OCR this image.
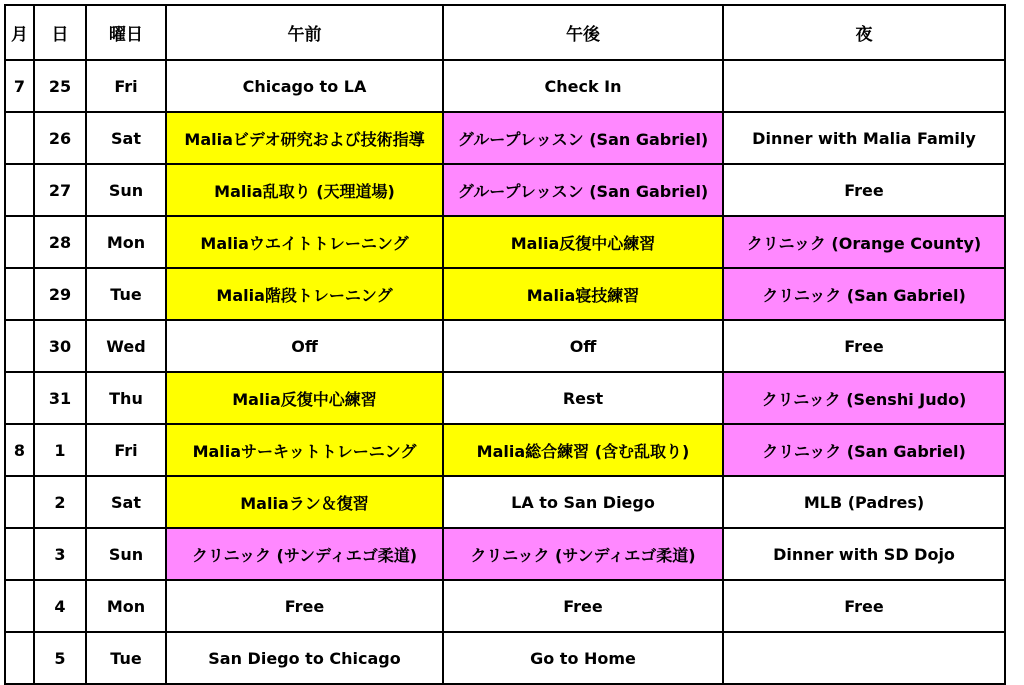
月	日	曜日	午前	午後	夜
7	25	Fri	Chicago to LA	Check In	
	26	Sat	Maliaビデオ研究および技術指導	グループレッスン (San Gabriel)	Dinner with Malia Family
	27	Sun	Malia乱取り (天理道場)	グループレッスン (San Gabriel)	Free
	28	Mon	Maliaウエイトトレーニング	Malia反復中心練習	クリニック (Orange County)
	29	Tue	Malia階段トレーニング	Malia寝技練習	クリニック (San Gabriel)
	30	Wed	Off	Off	Free
	31	Thu	Malia反復中心練習	Rest	クリニック (Senshi Judo)
8	1	Fri	Maliaサーキットトレーニング	Malia総合練習 (含む乱取り)	クリニック (San Gabriel)
	2	Sat	Maliaラン＆復習	LA to San Diego	MLB (Padres)
	3	Sun	クリニック (サンディエゴ柔道)	クリニック (サンディエゴ柔道)	Dinner with SD Dojo
	4	Mon	Free	Free	Free
	5	Tue	San Diego to Chicago	Go to Home	
